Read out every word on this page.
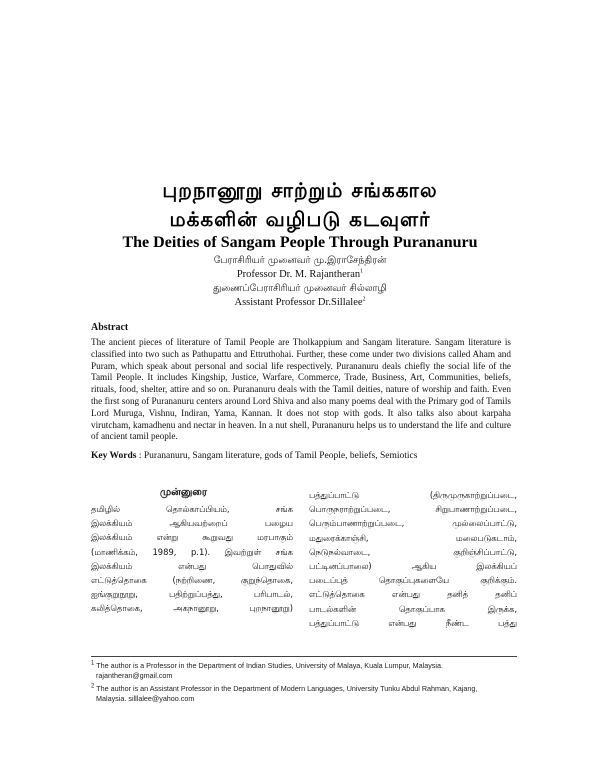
புறநானூறு சாற்றும் சங்ககால
மக்களின் வழிபடு கடவுளர்
The Deities of Sangam People Through Purananuru
பேராசிரியர் முனைவர் மு.இராசேந்திரன்
Professor Dr. M. Rajantheran$^1$
துணைப்பேராசிரியர் முனைவர் சில்லாழி
Assistant Professor Dr.Sillalee$^2$
Abstract
The ancient pieces of literature of Tamil People are Tholkappium and Sangam literature. Sangam literature is classified into two such as Pathupattu and Ettruthohai. Further, these come under two divisions called Aham and Puram, which speak about personal and social life respectively. Purananuru deals chiefly the social life of the Tamil People. It includes Kingship, Justice, Warfare, Commerce, Trade, Business, Art, Communities, beliefs, rituals, food, shelter, attire and so on. Purananuru deals with the Tamil deities, nature of worship and faith. Even the first song of Purananuru centers around Lord Shiva and also many poems deal with the Primary god of Tamils Lord Muruga, Vishnu, Indiran, Yama, Kannan. It does not stop with gods. It also talks also about karpaha virutcham, kamadhenu and nectar in heaven. In a nut shell, Purananuru helps us to understand the life and culture of ancient tamil people.
Key Words : Purananuru, Sangam literature, gods of Tamil People, beliefs, Semiotics
முன்னுரை
தமிழில் தொல்காப்பியம், சங்க
இலக்கியம் ஆகியவற்றைப் பழைய
இலக்கியம் என்று கூறுவது மரபாகும்
(மாணிக்கம், 1989, p.1). இவற்றுள் சங்க
இலக்கியம் என்பது பொதுவில்
எட்டுத்தொகை (நற்றிணை, குறுந்தொகை,
ஐங்குறுநூறு, பதிற்றுப்பத்து, பரிபாடல்,
கலித்தொகை, அகநானூறு, புறநானூறு)
பத்துப்பாட்டு (திருமுருகாற்றுப்படை,
பொருநராற்றுப்படை, சிறுபாணாற்றுப்படை,
பெரும்பாணாற்றுப்படை, முல்லைப்பாட்டு,
மதுரைக்காஞ்சி, மலைபடுகடாம்,
நெடுநல்வாடை, குறிஞ்சிப்பாட்டு,
பட்டினப்பாலை) ஆகிய இலக்கியப்
படைப்புத் தொகுப்புகளையே குறிக்கும்.
எட்டுத்தொகை என்பது தனித் தனிப்
பாடல்களின் தொகுப்பாக இருக்க,
பத்துப்பாட்டு என்பது நீண்ட பத்து
$^1$ The author is a Professor in the Department of Indian Studies, University of Malaya, Kuala Lumpur, Malaysia.
rajantheran@gmail.com
$^2$ The author is an Assistant Professor in the Department of Modern Languages, University Tunku Abdul Rahman, Kajang,
Malaysia. silllalee@yahoo.com
